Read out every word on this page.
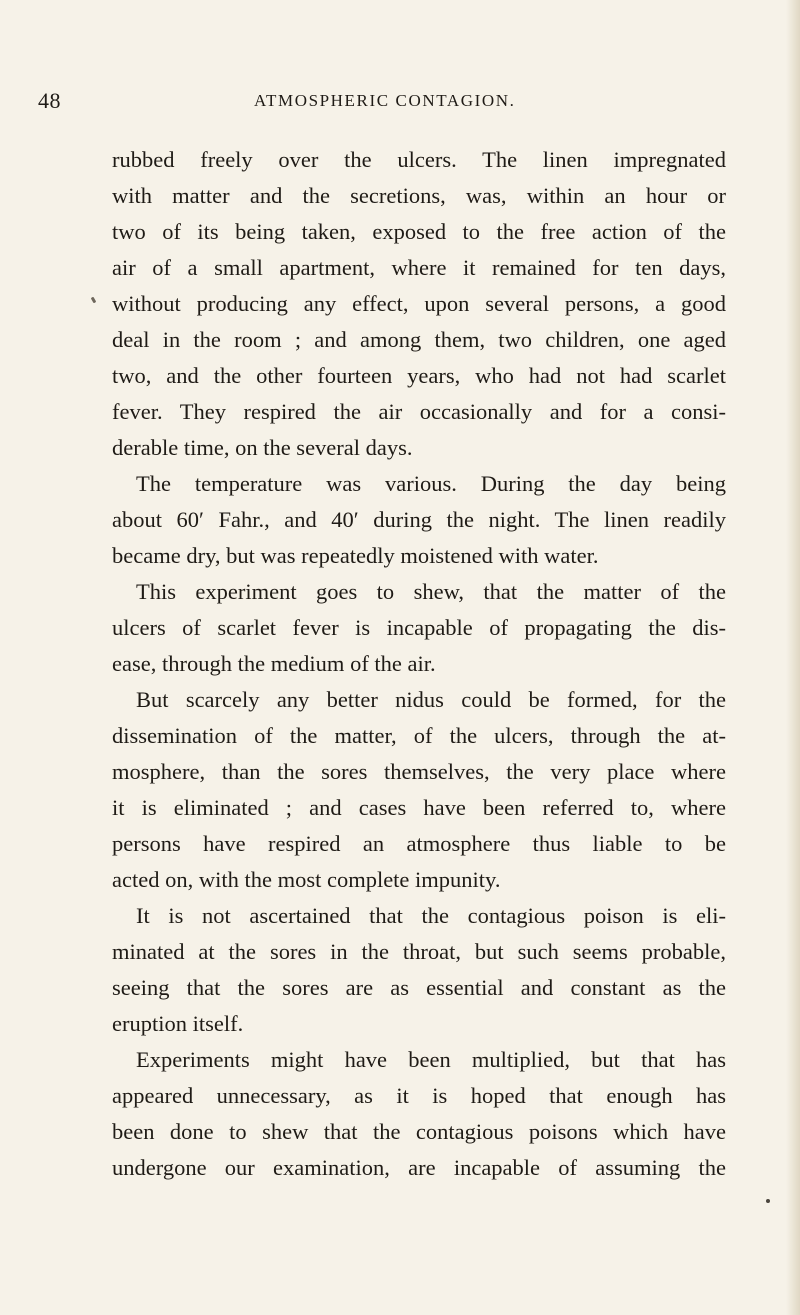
48	ATMOSPHERIC CONTAGION.
rubbed freely over the ulcers. The linen impregnated
with matter and the secretions, was, within an hour or
two of its being taken, exposed to the free action of the
air of a small apartment, where it remained for ten days,
without producing any effect, upon several persons, a good
deal in the room ; and among them, two children, one aged
two, and the other fourteen years, who had not had scarlet
fever. They respired the air occasionally and for a consi-
derable time, on the several days.
The temperature was various. During the day being
about 60′ Fahr., and 40′ during the night. The linen readily
became dry, but was repeatedly moistened with water.
This experiment goes to shew, that the matter of the
ulcers of scarlet fever is incapable of propagating the dis-
ease, through the medium of the air.
But scarcely any better nidus could be formed, for the
dissemination of the matter, of the ulcers, through the at-
mosphere, than the sores themselves, the very place where
it is eliminated ; and cases have been referred to, where
persons have respired an atmosphere thus liable to be
acted on, with the most complete impunity.
It is not ascertained that the contagious poison is eli-
minated at the sores in the throat, but such seems probable,
seeing that the sores are as essential and constant as the
eruption itself.
Experiments might have been multiplied, but that has
appeared unnecessary, as it is hoped that enough has
been done to shew that the contagious poisons which have
undergone our examination, are incapable of assuming the
